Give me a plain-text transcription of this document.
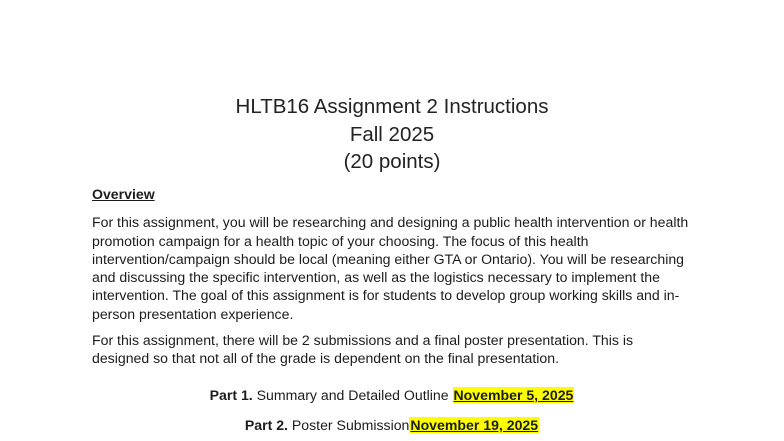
HLTB16 Assignment 2 Instructions
Fall 2025
(20 points)
Overview

For this assignment, you will be researching and designing a public health intervention or health promotion campaign for a health topic of your choosing. The focus of this health intervention/campaign should be local (meaning either GTA or Ontario). You will be researching and discussing the specific intervention, as well as the logistics necessary to implement the intervention. The goal of this assignment is for students to develop group working skills and in-person presentation experience.

For this assignment, there will be 2 submissions and a final poster presentation. This is designed so that not all of the grade is dependent on the final presentation.

Part 1. Summary and Detailed Outline November 5, 2025
Part 2. Poster SubmissionNovember 19, 2025
